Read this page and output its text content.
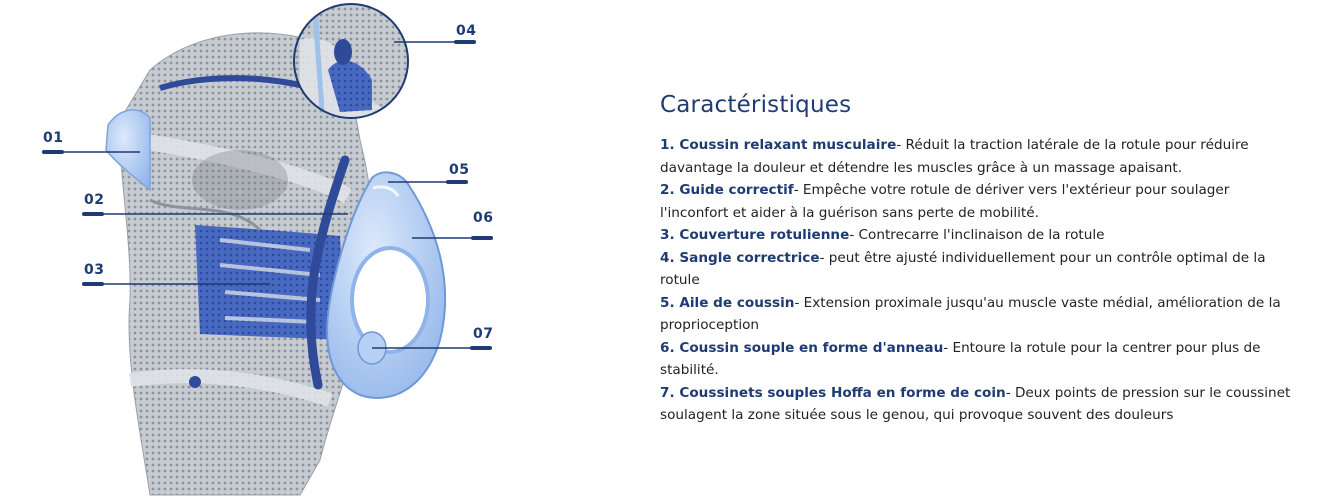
01
02
03
04
05
06
07
Caractéristiques
1. Coussin relaxant musculaire- Réduit la traction latérale de la rotule pour réduire davantage la douleur et détendre les muscles grâce à un massage apaisant.
2. Guide correctif- Empêche votre rotule de dériver vers l'extérieur pour soulager l'inconfort et aider à la guérison sans perte de mobilité.
3. Couverture rotulienne- Contrecarre l'inclinaison de la rotule
4. Sangle correctrice- peut être ajusté individuellement pour un contrôle optimal de la rotule
5. Aile de coussin- Extension proximale jusqu'au muscle vaste médial, amélioration de la proprioception
6. Coussin souple en forme d'anneau- Entoure la rotule pour la centrer pour plus de stabilité.
7. Coussinets souples Hoffa en forme de coin- Deux points de pression sur le coussinet soulagent la zone située sous le genou, qui provoque souvent des douleurs
